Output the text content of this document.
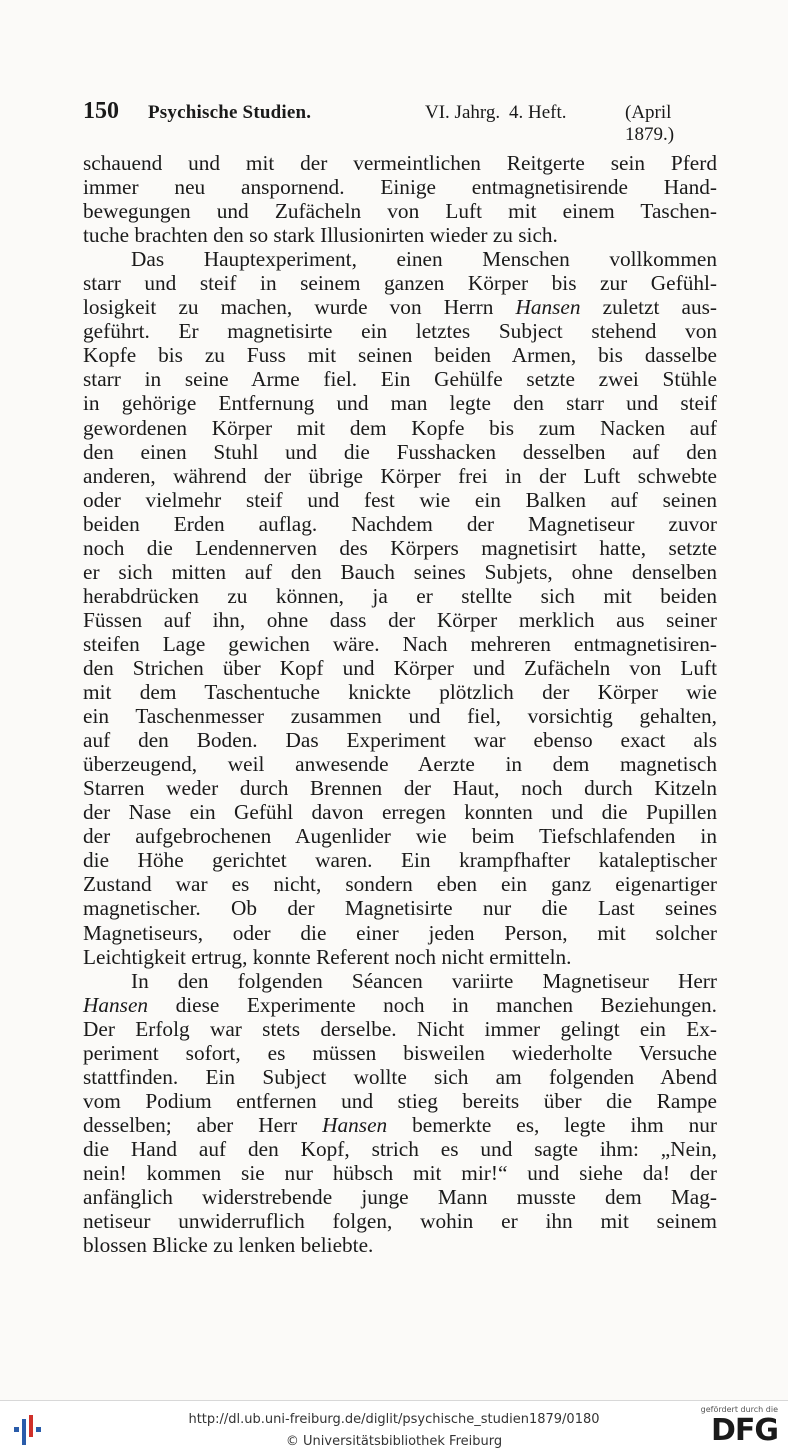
150 Psychische Studien.	VI. Jahrg. 4. Heft.	(April 1879.)
schauend und mit der vermeintlichen Reitgerte sein Pferd
immer neu anspornend. Einige entmagnetisirende Hand-
bewegungen und Zufächeln von Luft mit einem Taschen-
tuche brachten den so stark Illusionirten wieder zu sich.
Das Hauptexperiment, einen Menschen vollkommen
starr und steif in seinem ganzen Körper bis zur Gefühl-
losigkeit zu machen, wurde von Herrn Hansen zuletzt aus-
geführt. Er magnetisirte ein letztes Subject stehend von
Kopfe bis zu Fuss mit seinen beiden Armen, bis dasselbe
starr in seine Arme fiel. Ein Gehülfe setzte zwei Stühle
in gehörige Entfernung und man legte den starr und steif
gewordenen Körper mit dem Kopfe bis zum Nacken auf
den einen Stuhl und die Fusshacken desselben auf den
anderen, während der übrige Körper frei in der Luft schwebte
oder vielmehr steif und fest wie ein Balken auf seinen
beiden Erden auflag. Nachdem der Magnetiseur zuvor
noch die Lendennerven des Körpers magnetisirt hatte, setzte
er sich mitten auf den Bauch seines Subjets, ohne denselben
herabdrücken zu können, ja er stellte sich mit beiden
Füssen auf ihn, ohne dass der Körper merklich aus seiner
steifen Lage gewichen wäre. Nach mehreren entmagnetisiren-
den Strichen über Kopf und Körper und Zufächeln von Luft
mit dem Taschentuche knickte plötzlich der Körper wie
ein Taschenmesser zusammen und fiel, vorsichtig gehalten,
auf den Boden. Das Experiment war ebenso exact als
überzeugend, weil anwesende Aerzte in dem magnetisch
Starren weder durch Brennen der Haut, noch durch Kitzeln
der Nase ein Gefühl davon erregen konnten und die Pupillen
der aufgebrochenen Augenlider wie beim Tiefschlafenden in
die Höhe gerichtet waren. Ein krampfhafter kataleptischer
Zustand war es nicht, sondern eben ein ganz eigenartiger
magnetischer. Ob der Magnetisirte nur die Last seines
Magnetiseurs, oder die einer jeden Person, mit solcher
Leichtigkeit ertrug, konnte Referent noch nicht ermitteln.
In den folgenden Séancen variirte Magnetiseur Herr
Hansen diese Experimente noch in manchen Beziehungen.
Der Erfolg war stets derselbe. Nicht immer gelingt ein Ex-
periment sofort, es müssen bisweilen wiederholte Versuche
stattfinden. Ein Subject wollte sich am folgenden Abend
vom Podium entfernen und stieg bereits über die Rampe
desselben; aber Herr Hansen bemerkte es, legte ihm nur
die Hand auf den Kopf, strich es und sagte ihm: „Nein,
nein! kommen sie nur hübsch mit mir!“ und siehe da! der
anfänglich widerstrebende junge Mann musste dem Mag-
netiseur unwiderruflich folgen, wohin er ihn mit seinem
blossen Blicke zu lenken beliebte.
http://dl.ub.uni-freiburg.de/diglit/psychische_studien1879/0180
© Universitätsbibliothek Freiburg
gefördert durch die
DFG
